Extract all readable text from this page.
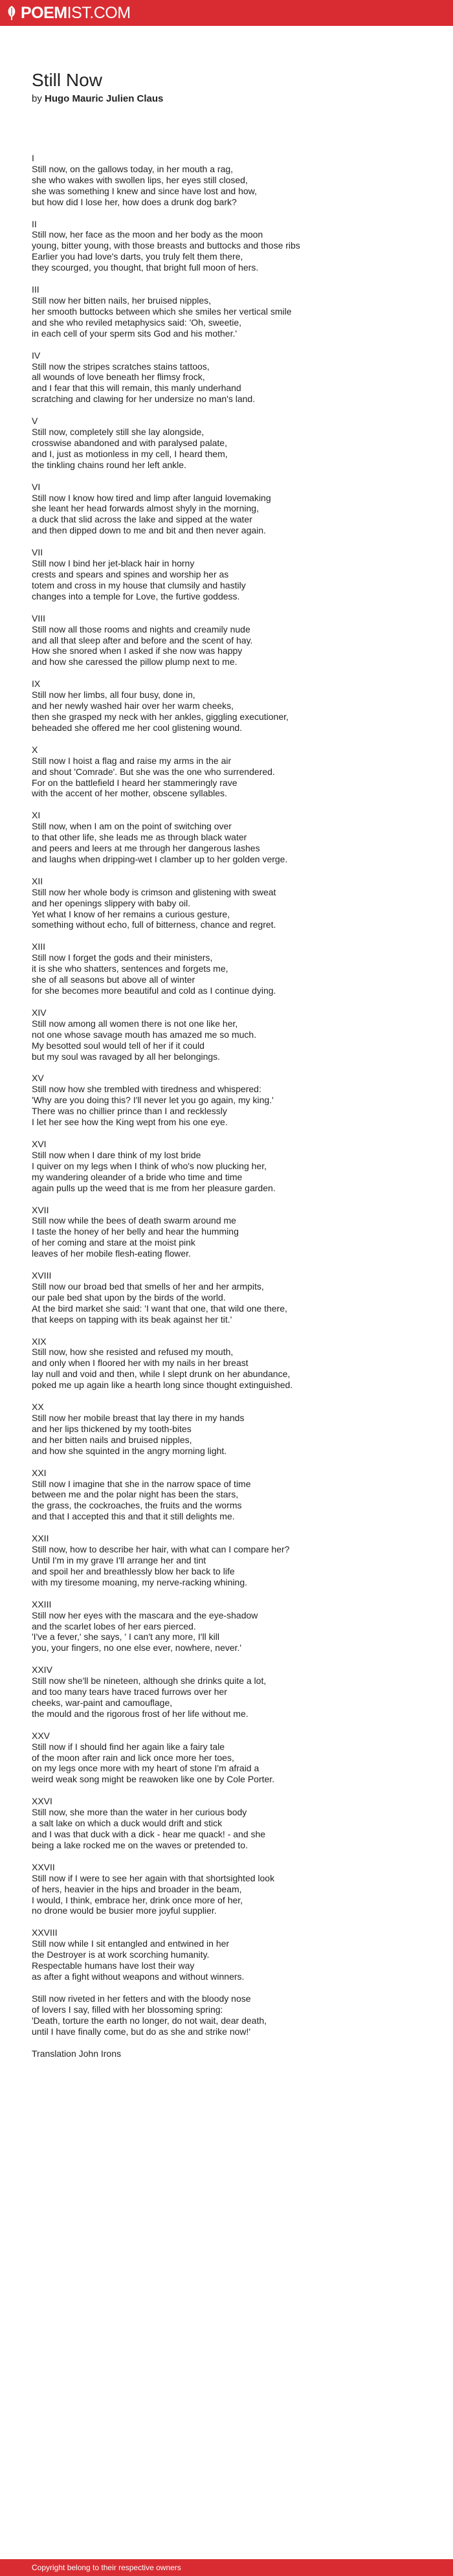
POEMIST.COM
Still Now

by Hugo Mauric Julien Claus

I
Still now, on the gallows today, in her mouth a rag,
she who wakes with swollen lips, her eyes still closed,
she was something I knew and since have lost and how,
but how did I lose her, how does a drunk dog bark?

II
Still now, her face as the moon and her body as the moon
young, bitter young, with those breasts and buttocks and those ribs
Earlier you had love's darts, you truly felt them there,
they scourged, you thought, that bright full moon of hers.

III
Still now her bitten nails, her bruised nipples,
her smooth buttocks between which she smiles her vertical smile
and she who reviled metaphysics said: 'Oh, sweetie,
in each cell of your sperm sits God and his mother.'

IV
Still now the stripes scratches stains tattoos,
all wounds of love beneath her flimsy frock,
and I fear that this will remain, this manly underhand
scratching and clawing for her undersize no man's land.

V
Still now, completely still she lay alongside,
crosswise abandoned and with paralysed palate,
and I, just as motionless in my cell, I heard them,
the tinkling chains round her left ankle.

VI
Still now I know how tired and limp after languid lovemaking
she leant her head forwards almost shyly in the morning,
a duck that slid across the lake and sipped at the water
and then dipped down to me and bit and then never again.

VII
Still now I bind her jet-black hair in horny
crests and spears and spines and worship her as
totem and cross in my house that clumsily and hastily
changes into a temple for Love, the furtive goddess.

VIII
Still now all those rooms and nights and creamily nude
and all that sleep after and before and the scent of hay.
How she snored when I asked if she now was happy
and how she caressed the pillow plump next to me.

IX
Still now her limbs, all four busy, done in,
and her newly washed hair over her warm cheeks,
then she grasped my neck with her ankles, giggling executioner,
beheaded she offered me her cool glistening wound.

X
Still now I hoist a flag and raise my arms in the air
and shout 'Comrade'. But she was the one who surrendered.
For on the battlefield I heard her stammeringly rave
with the accent of her mother, obscene syllables.

XI
Still now, when I am on the point of switching over
to that other life, she leads me as through black water
and peers and leers at me through her dangerous lashes
and laughs when dripping-wet I clamber up to her golden verge.

XII
Still now her whole body is crimson and glistening with sweat
and her openings slippery with baby oil.
Yet what I know of her remains a curious gesture,
something without echo, full of bitterness, chance and regret.

XIII
Still now I forget the gods and their ministers,
it is she who shatters, sentences and forgets me,
she of all seasons but above all of winter
for she becomes more beautiful and cold as I continue dying.

XIV
Still now among all women there is not one like her,
not one whose savage mouth has amazed me so much.
My besotted soul would tell of her if it could
but my soul was ravaged by all her belongings.

XV
Still now how she trembled with tiredness and whispered:
'Why are you doing this? I'll never let you go again, my king.'
There was no chillier prince than I and recklessly
I let her see how the King wept from his one eye.

XVI
Still now when I dare think of my lost bride
I quiver on my legs when I think of who's now plucking her,
my wandering oleander of a bride who time and time
again pulls up the weed that is me from her pleasure garden.

XVII
Still now while the bees of death swarm around me
I taste the honey of her belly and hear the humming
of her coming and stare at the moist pink
leaves of her mobile flesh-eating flower.

XVIII
Still now our broad bed that smells of her and her armpits,
our pale bed shat upon by the birds of the world.
At the bird market she said: 'I want that one, that wild one there,
that keeps on tapping with its beak against her tit.'

XIX
Still now, how she resisted and refused my mouth,
and only when I floored her with my nails in her breast
lay null and void and then, while I slept drunk on her abundance,
poked me up again like a hearth long since thought extinguished.

XX
Still now her mobile breast that lay there in my hands
and her lips thickened by my tooth-bites
and her bitten nails and bruised nipples,
and how she squinted in the angry morning light.

XXI
Still now I imagine that she in the narrow space of time
between me and the polar night has been the stars,
the grass, the cockroaches, the fruits and the worms
and that I accepted this and that it still delights me.

XXII
Still now, how to describe her hair, with what can I compare her?
Until I'm in my grave I'll arrange her and tint
and spoil her and breathlessly blow her back to life
with my tiresome moaning, my nerve-racking whining.

XXIII
Still now her eyes with the mascara and the eye-shadow
and the scarlet lobes of her ears pierced.
'I've a fever,' she says, ' I can't any more, I'll kill
you, your fingers, no one else ever, nowhere, never.'

XXIV
Still now she'll be nineteen, although she drinks quite a lot,
and too many tears have traced furrows over her
cheeks, war-paint and camouflage,
the mould and the rigorous frost of her life without me.

XXV
Still now if I should find her again like a fairy tale
of the moon after rain and lick once more her toes,
on my legs once more with my heart of stone I'm afraid a
weird weak song might be reawoken like one by Cole Porter.

XXVI
Still now, she more than the water in her curious body
a salt lake on which a duck would drift and stick
and I was that duck with a dick - hear me quack! - and she
being a lake rocked me on the waves or pretended to.

XXVII
Still now if I were to see her again with that shortsighted look
of hers, heavier in the hips and broader in the beam,
I would, I think, embrace her, drink once more of her,
no drone would be busier more joyful supplier.

XXVIII
Still now while I sit entangled and entwined in her
the Destroyer is at work scorching humanity.
Respectable humans have lost their way
as after a fight without weapons and without winners.

Still now riveted in her fetters and with the bloody nose
of lovers I say, filled with her blossoming spring:
'Death, torture the earth no longer, do not wait, dear death,
until I have finally come, but do as she and strike now!'

Translation John Irons

Copyright belong to their respective owners
